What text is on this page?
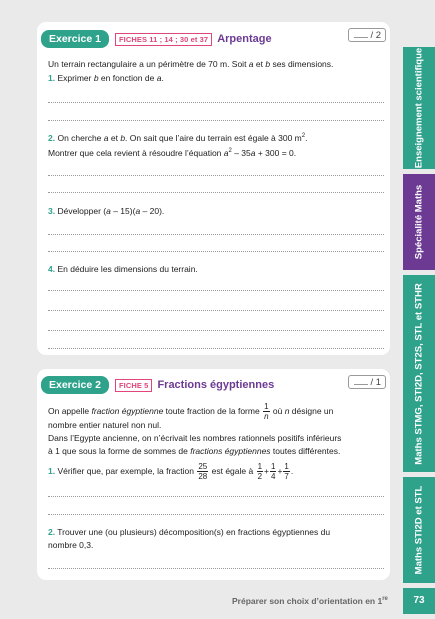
Exercice 1	FICHES 11 ; 14 ; 30 et 37 Arpentage	/ 2
Un terrain rectangulaire a un périmètre de 70 m. Soit a et b ses dimensions.
1. Exprimer b en fonction de a.
2. On cherche a et b. On sait que l’aire du terrain est égale à 300 $m^2$.
Montrer que cela revient à résoudre l’équation $a^2 - 35a + 300 = 0$.
3. Développer (a – 15)(a – 20).
4. En déduire les dimensions du terrain.
Exercice 2	FICHE 5 Fractions égyptiennes	/ 1
On appelle fraction égyptienne toute fraction de la forme $\frac{1}{n}$ où n désigne un
nombre entier naturel non nul.
Dans l’Egypte ancienne, on n’écrivait les nombres rationnels positifs inférieurs
à 1 que sous la forme de sommes de fractions égyptiennes toutes différentes.
1. Vérifier que, par exemple, la fraction $\frac{25}{28}$ est égale à $\frac{1}{2} + \frac{1}{4} + \frac{1}{7}$ .
2. Trouver une (ou plusieurs) décomposition(s) en fractions égyptiennes du
nombre 0,3.
Enseignement scientifique
Spécialité Maths
Maths STMG, STI2D, ST2S, STL et STHR
Maths STI2D et STL
Préparer son choix d’orientation en 1re	73
